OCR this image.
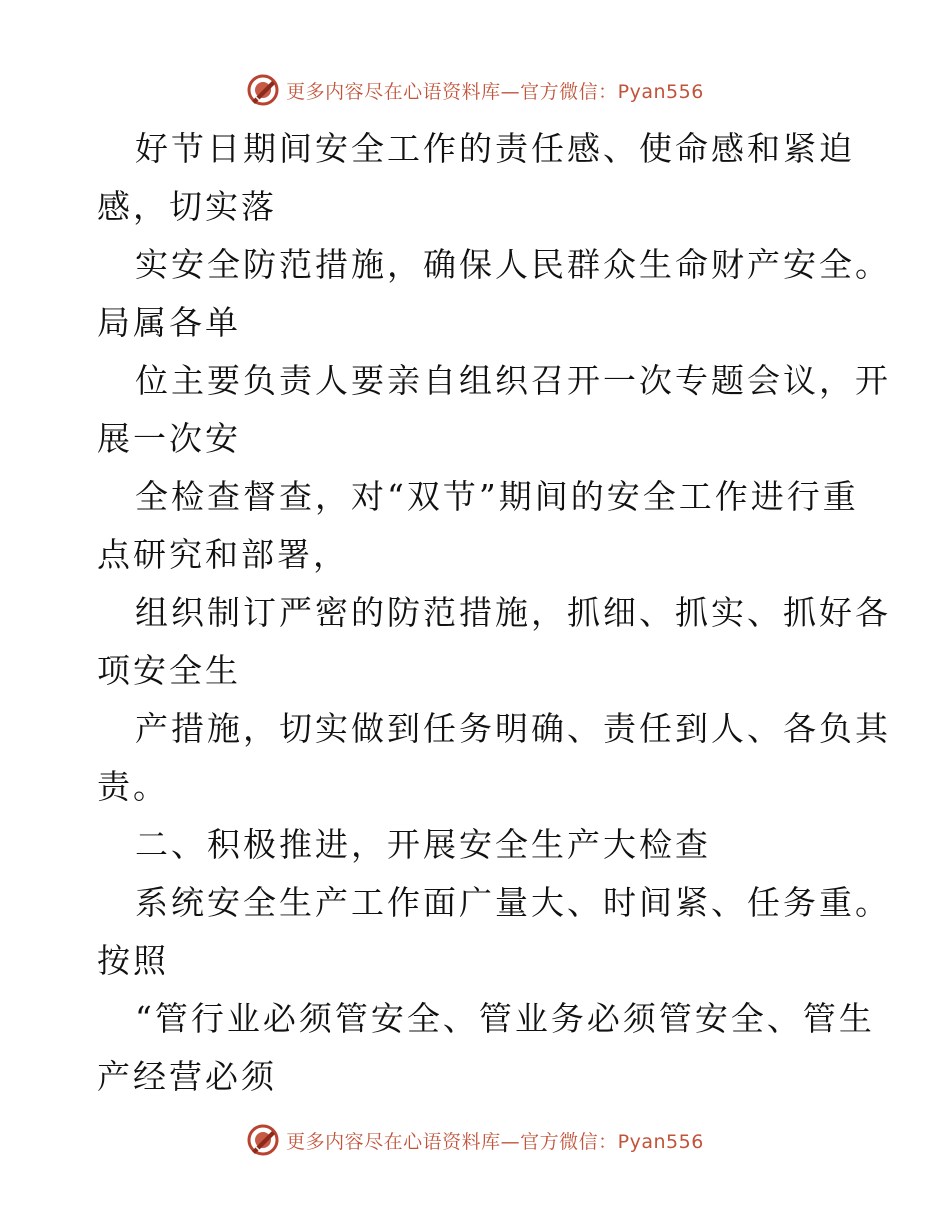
更多内容尽在心语资料库—官方微信：Pyan556
好节日期间安全工作的责任感、使命感和紧迫
感，切实落
实安全防范措施，确保人民群众生命财产安全。
局属各单
位主要负责人要亲自组织召开一次专题会议，开
展一次安
全检查督查，对“双节”期间的安全工作进行重
点研究和部署，
组织制订严密的防范措施，抓细、抓实、抓好各
项安全生
产措施，切实做到任务明确、责任到人、各负其
责。
二、积极推进，开展安全生产大检查
系统安全生产工作面广量大、时间紧、任务重。
按照
“管行业必须管安全、管业务必须管安全、管生
产经营必须
更多内容尽在心语资料库—官方微信：Pyan556
